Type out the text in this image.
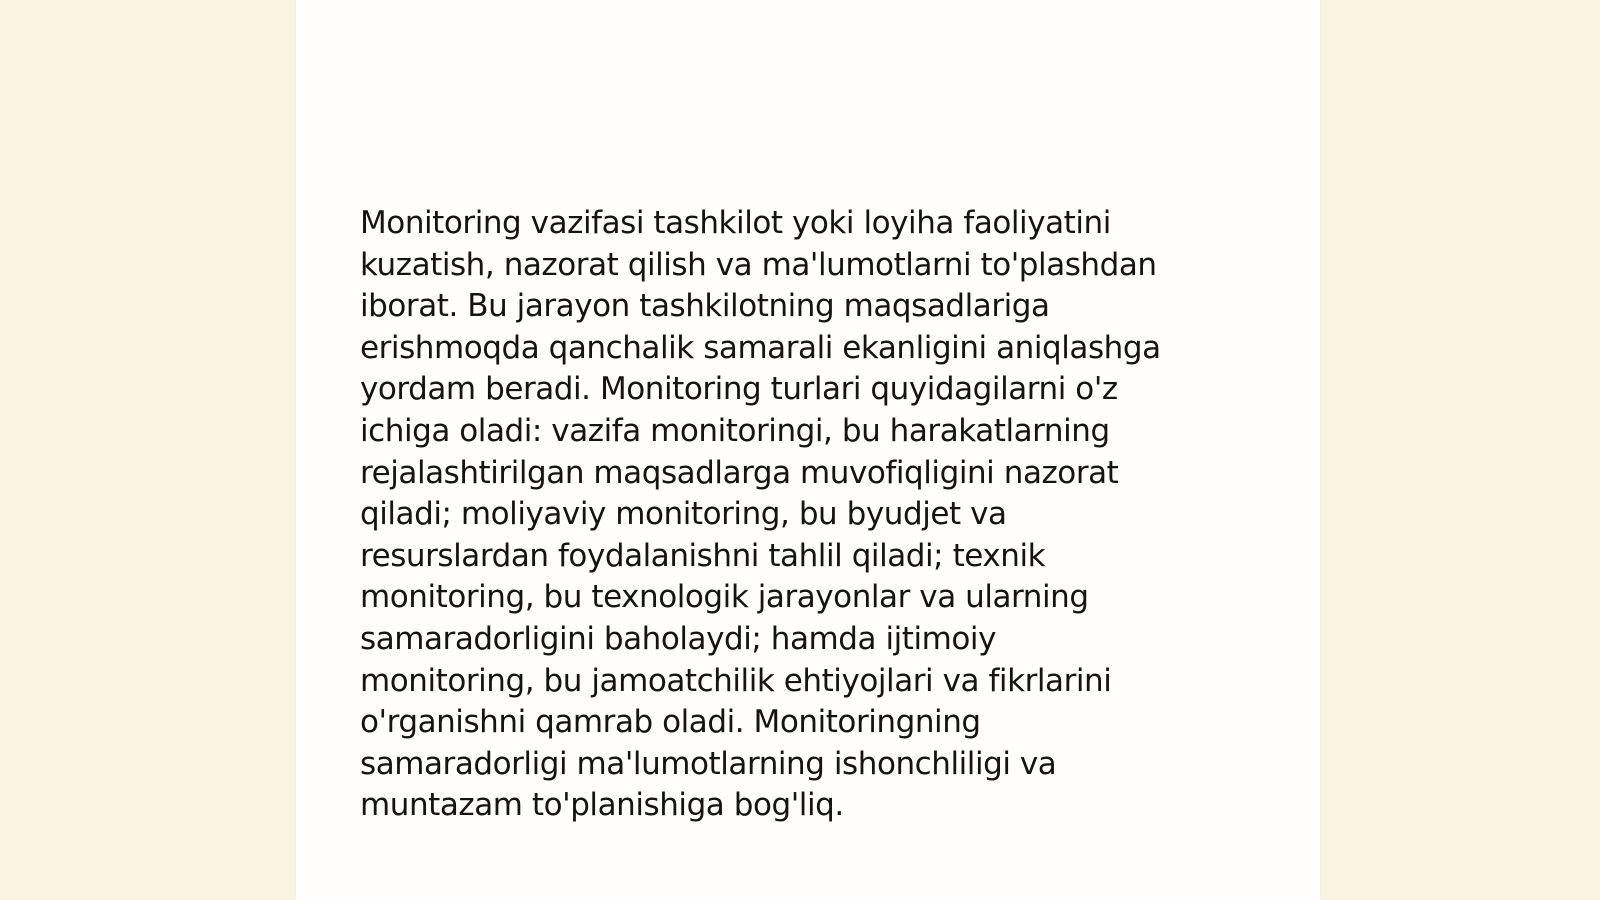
Monitoring vazifasi tashkilot yoki loyiha faoliyatini
kuzatish, nazorat qilish va ma'lumotlarni to'plashdan
iborat. Bu jarayon tashkilotning maqsadlariga
erishmoqda qanchalik samarali ekanligini aniqlashga
yordam beradi. Monitoring turlari quyidagilarni o'z
ichiga oladi: vazifa monitoringi, bu harakatlarning
rejalashtirilgan maqsadlarga muvofiqligini nazorat
qiladi; moliyaviy monitoring, bu byudjet va
resurslardan foydalanishni tahlil qiladi; texnik
monitoring, bu texnologik jarayonlar va ularning
samaradorligini baholaydi; hamda ijtimoiy
monitoring, bu jamoatchilik ehtiyojlari va fikrlarini
o'rganishni qamrab oladi. Monitoringning
samaradorligi ma'lumotlarning ishonchliligi va
muntazam to'planishiga bog'liq.
